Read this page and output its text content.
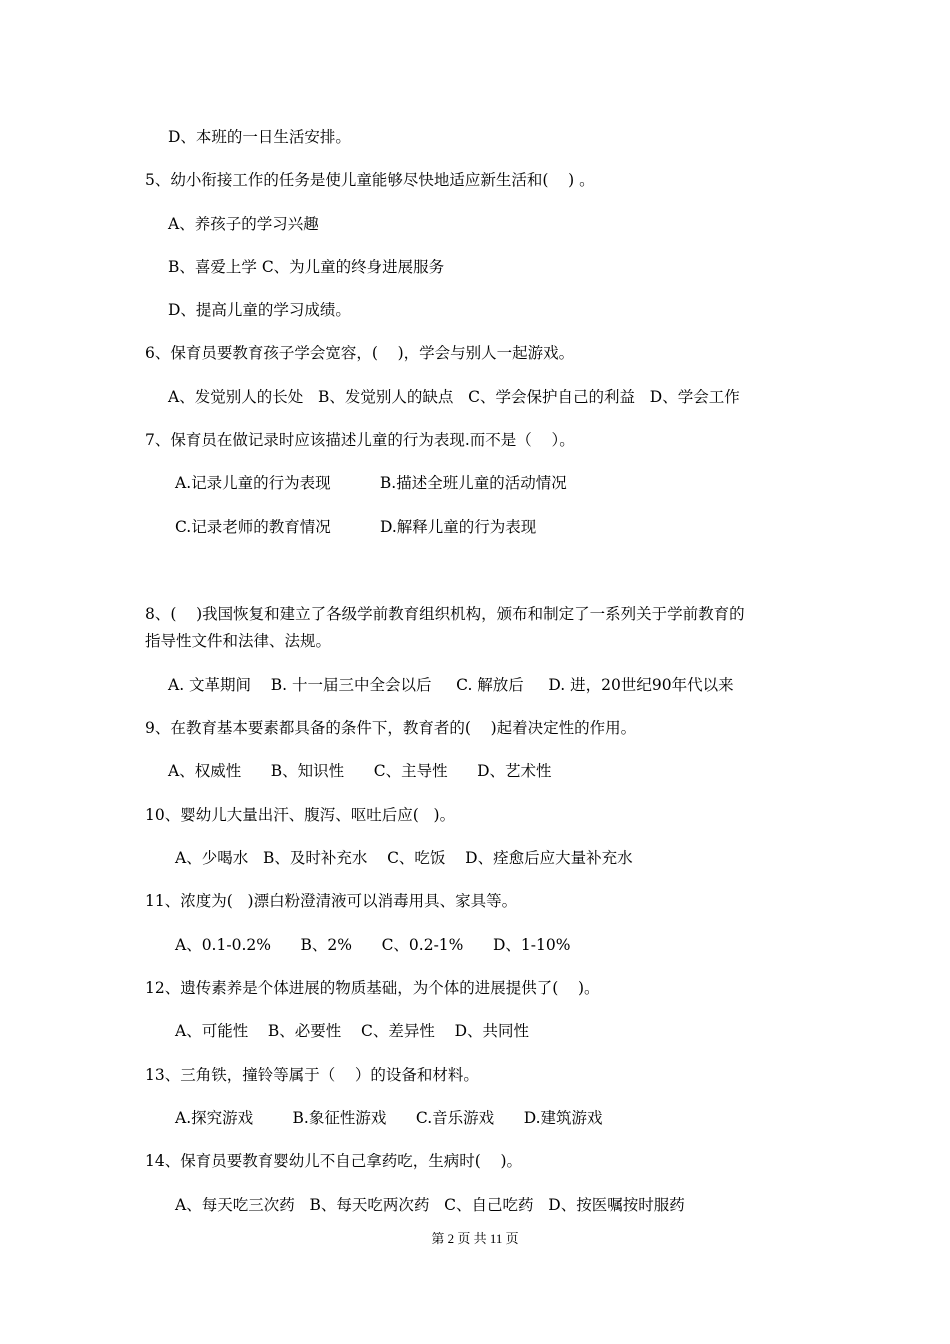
D、本班的一日生活安排。
5、幼小衔接工作的任务是使儿童能够尽快地适应新生活和(    ) 。
A、养孩子的学习兴趣
B、喜爱上学 C、为儿童的终身进展服务
D、提高儿童的学习成绩。
6、保育员要教育孩子学会宽容，(    )，学会与别人一起游戏。
A、发觉别人的长处   B、发觉别人的缺点   C、学会保护自己的利益   D、学会工作
7、保育员在做记录时应该描述儿童的行为表现.而不是（    ）。
A.记录儿童的行为表现          B.描述全班儿童的活动情况
C.记录老师的教育情况          D.解释儿童的行为表现
8、(    )我国恢复和建立了各级学前教育组织机构，颁布和制定了一系列关于学前教育的
指导性文件和法律、法规。
A. 文革期间    B. 十一届三中全会以后     C. 解放后     D. 进，20世纪90年代以来
9、在教育基本要素都具备的条件下，教育者的(    )起着决定性的作用。
A、权威性      B、知识性      C、主导性      D、艺术性
10、婴幼儿大量出汗、腹泻、呕吐后应(   )。
A、少喝水   B、及时补充水    C、吃饭    D、痊愈后应大量补充水
11、浓度为(   )漂白粉澄清液可以消毒用具、家具等。
A、0.1-0.2%      B、2%      C、0.2-1%      D、1-10%
12、遗传素养是个体进展的物质基础，为个体的进展提供了(    )。
A、可能性    B、必要性    C、差异性    D、共同性
13、三角铁，撞铃等属于（    ）的设备和材料。
A.探究游戏        B.象征性游戏      C.音乐游戏      D.建筑游戏
14、保育员要教育婴幼儿不自己拿药吃，生病时(    )。
A、每天吃三次药   B、每天吃两次药   C、自己吃药   D、按医嘱按时服药
第 2 页 共 11 页
